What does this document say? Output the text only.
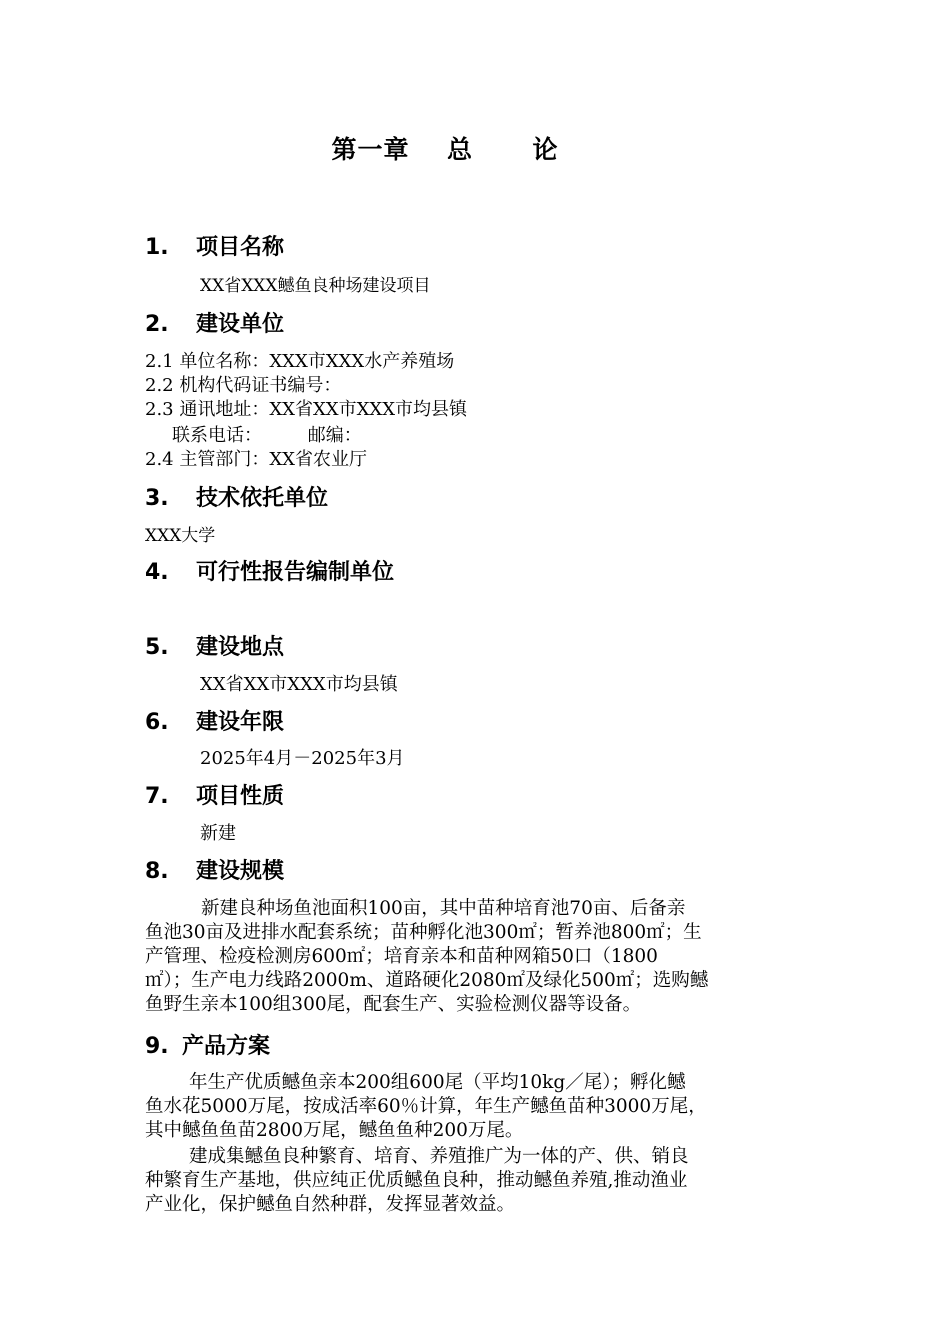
第一章 总 论
1. 项目名称
XX省XXX鳡鱼良种场建设项目
2. 建设单位
2.1 单位名称：XXX市XXX水产养殖场
2.2 机构代码证书编号：
2.3 通讯地址：XX省XX市XXX市均县镇
联系电话：        邮编：
2.4 主管部门：XX省农业厅
3. 技术依托单位
XXX大学
4. 可行性报告编制单位
5. 建设地点
XX省XX市XXX市均县镇
6. 建设年限
2025年4月－2025年3月
7. 项目性质
新建
8. 建设规模
新建良种场鱼池面积100亩，其中苗种培育池70亩、后备亲
鱼池30亩及进排水配套系统；苗种孵化池300㎡；暂养池800㎡；生
产管理、检疫检测房600㎡；培育亲本和苗种网箱50口（1800
㎡）；生产电力线路2000m、道路硬化2080㎡及绿化500㎡；选购鳡
鱼野生亲本100组300尾，配套生产、实验检测仪器等设备。
9. 产品方案
年生产优质鳡鱼亲本200组600尾（平均10kg／尾）；孵化鳡
鱼水花5000万尾，按成活率60％计算，年生产鳡鱼苗种3000万尾，
其中鳡鱼鱼苗2800万尾，鳡鱼鱼种200万尾。
建成集鳡鱼良种繁育、培育、养殖推广为一体的产、供、销良
种繁育生产基地，供应纯正优质鳡鱼良种，推动鳡鱼养殖,推动渔业
产业化，保护鳡鱼自然种群，发挥显著效益。
